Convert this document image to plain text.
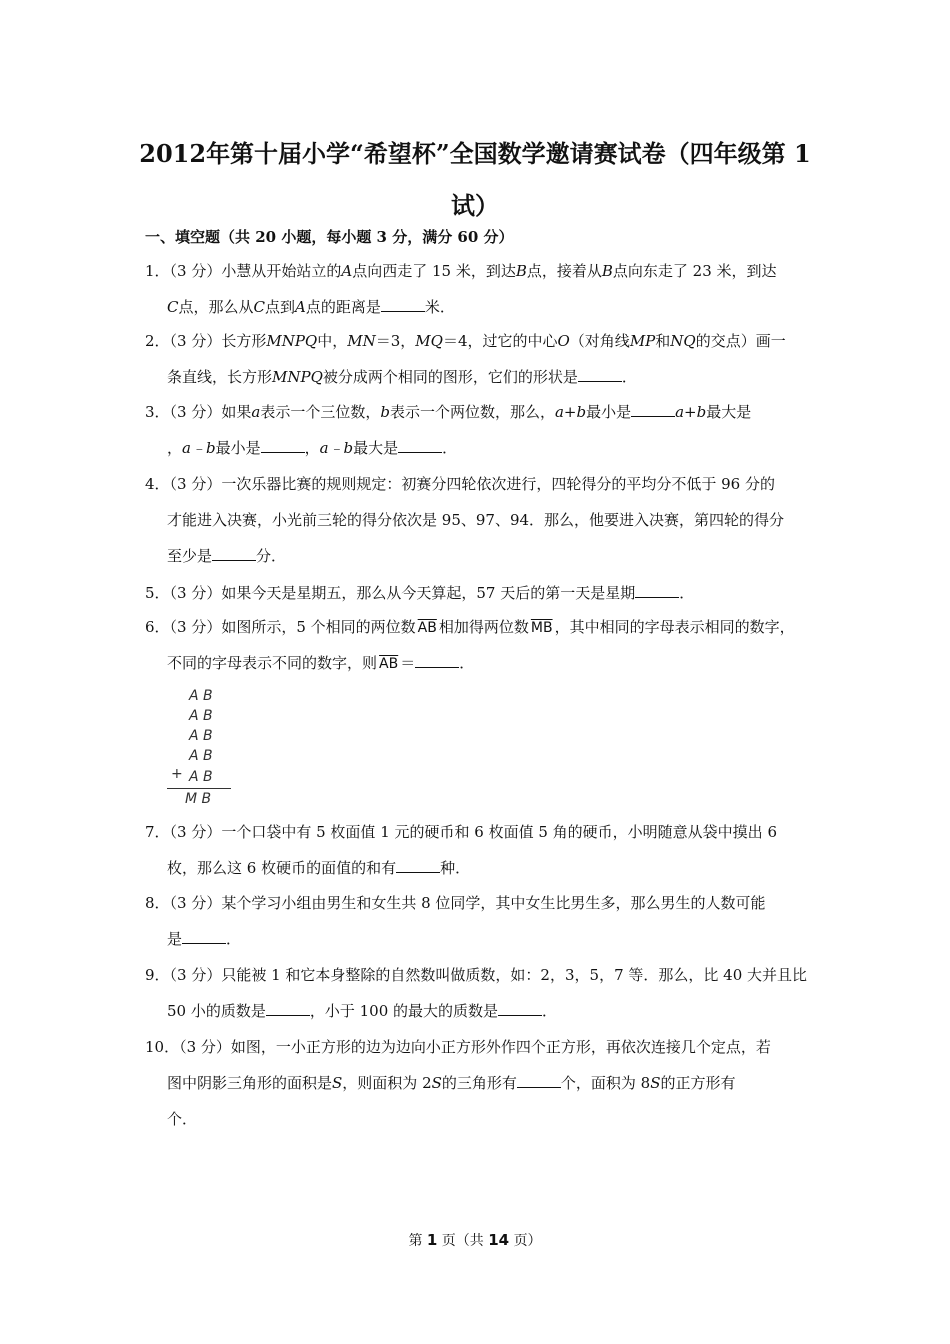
2012年第十届小学“希望杯”全国数学邀请赛试卷（四年级第 1
试）
一、填空题（共 20 小题，每小题 3 分，满分 60 分）
1．（3 分）小慧从开始站立的A点向西走了 15 米，到达B点，接着从B点向东走了 23 米，到达
C点，那么从C点到A点的距离是	米．
2．（3 分）长方形MNPQ中，MN＝3，MQ＝4，过它的中心O（对角线MP和NQ的交点）画一
条直线，长方形MNPQ被分成两个相同的图形，它们的形状是	．
3．（3 分）如果a表示一个三位数，b表示一个两位数，那么，a+b最小是	a+b最大是
，a﹣b最小是	，a﹣b最大是	．
4．（3 分）一次乐器比赛的规则规定：初赛分四轮依次进行，四轮得分的平均分不低于 96 分的
才能进入决赛，小光前三轮的得分依次是 95、97、94．那么，他要进入决赛，第四轮的得分
至少是	分．
5．（3 分）如果今天是星期五，那么从今天算起，57 天后的第一天是星期	．
6．（3 分）如图所示，5 个相同的两位数 $\overline{AB}$ 相加得两位数 $\overline{MB}$ ，其中相同的字母表示相同的数字，
不同的字母表示不同的数字，则 $\overline{AB}$ ＝	．
A B
A B
A B
A B
+ A B
M B
7．（3 分）一个口袋中有 5 枚面值 1 元的硬币和 6 枚面值 5 角的硬币，小明随意从袋中摸出 6
枚，那么这 6 枚硬币的面值的和有	种．
8．（3 分）某个学习小组由男生和女生共 8 位同学，其中女生比男生多，那么男生的人数可能
是	．
9．（3 分）只能被 1 和它本身整除的自然数叫做质数，如：2，3，5，7 等．那么，比 40 大并且比
50 小的质数是	，小于 100 的最大的质数是	．
10．（3 分）如图，一小正方形的边为边向小正方形外作四个正方形，再依次连接几个定点，若
图中阴影三角形的面积是S，则面积为 2S的三角形有	个，面积为 8S的正方形有
个．
第 1 页（共 14 页）
